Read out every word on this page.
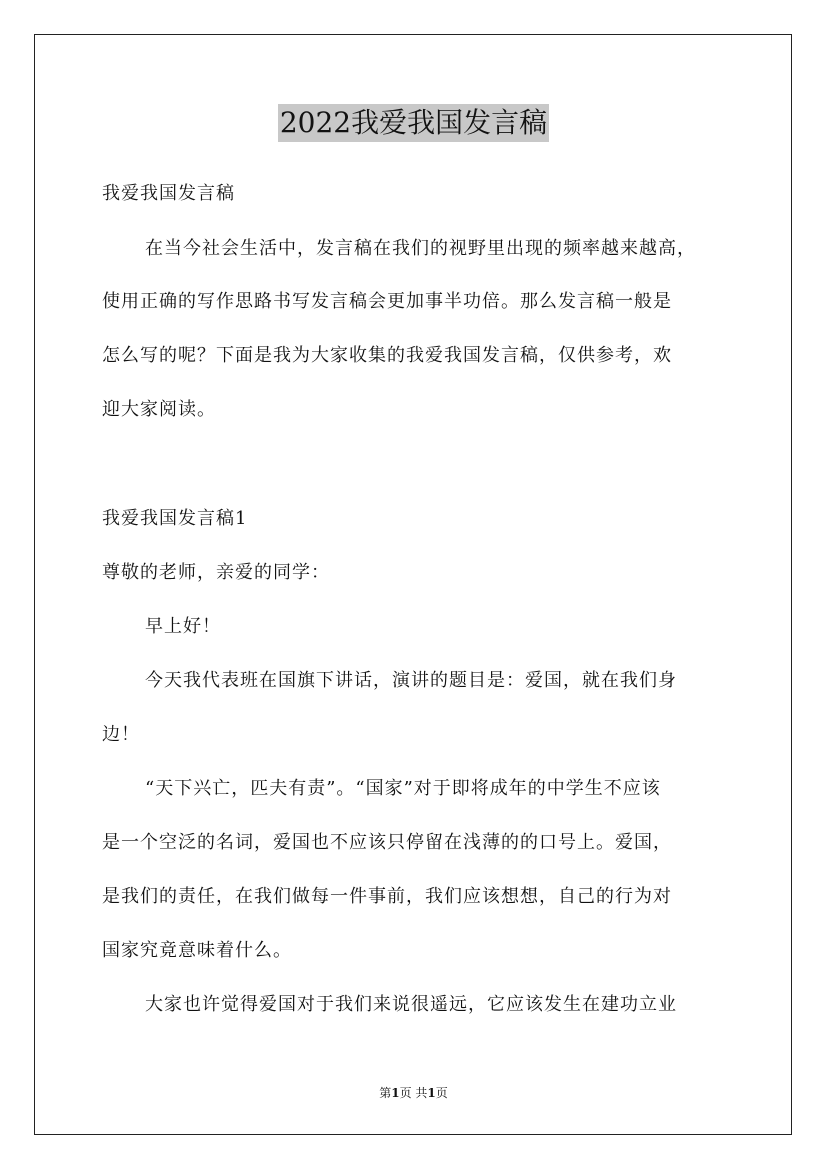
2022我爱我国发言稿
我爱我国发言稿
在当今社会生活中，发言稿在我们的视野里出现的频率越来越高，
使用正确的写作思路书写发言稿会更加事半功倍。那么发言稿一般是
怎么写的呢？下面是我为大家收集的我爱我国发言稿，仅供参考，欢
迎大家阅读。
我爱我国发言稿1
尊敬的老师，亲爱的同学：
早上好！
今天我代表班在国旗下讲话，演讲的题目是：爱国，就在我们身
边！
“天下兴亡，匹夫有责”。“国家”对于即将成年的中学生不应该
是一个空泛的名词，爱国也不应该只停留在浅薄的的口号上。爱国，
是我们的责任，在我们做每一件事前，我们应该想想，自己的行为对
国家究竟意味着什么。
大家也许觉得爱国对于我们来说很遥远，它应该发生在建功立业
第1页 共1页
